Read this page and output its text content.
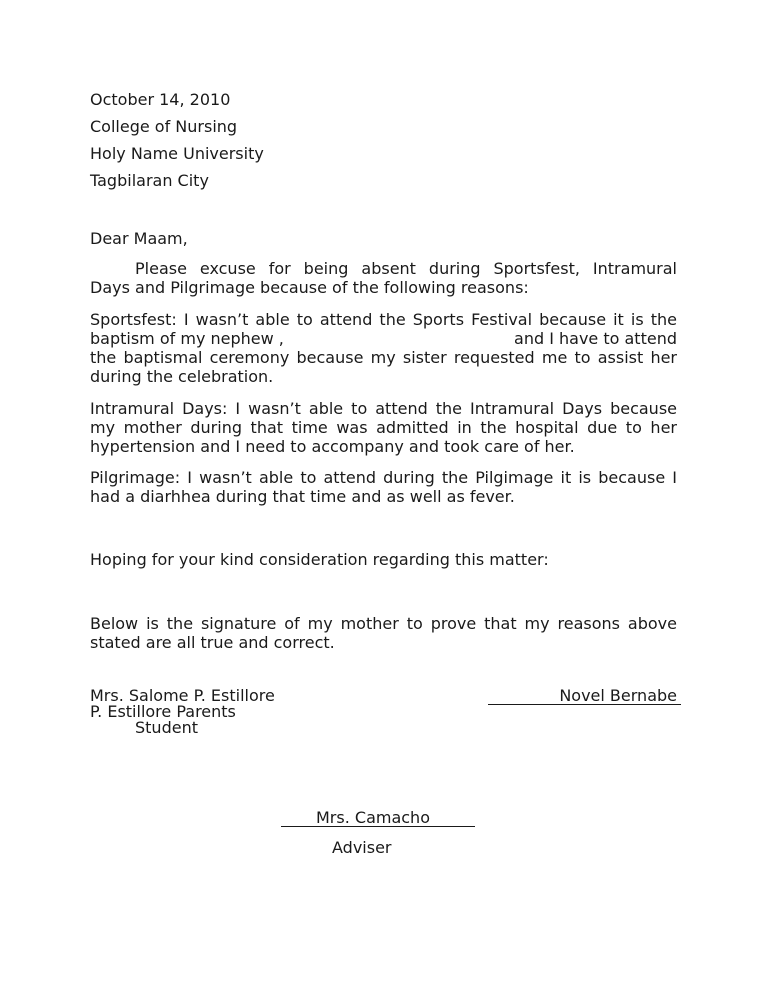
October 14, 2010
College of Nursing
Holy Name University
Tagbilaran City
Dear Maam,
Please excuse for being absent during Sportsfest, Intramural
Days and Pilgrimage because of the following reasons:
Sportsfest: I wasn’t able to attend the Sports Festival because it is the
baptism of my nephew ,	and I have to attend
the baptismal ceremony because my sister requested me to assist her
during the celebration.
Intramural Days: I wasn’t able to attend the Intramural Days because
my mother during that time was admitted in the hospital due to her
hypertension and I need to accompany and took care of her.
Pilgrimage: I wasn’t able to attend during the Pilgimage it is because I
had a diarhhea during that time and as well as fever.
Hoping for your kind consideration regarding this matter:
Below is the signature of my mother to prove that my reasons above
stated are all true and correct.
Mrs. Salome P. Estillore
P. Estillore Parents
Student
Novel Bernabe
Mrs. Camacho
Adviser
